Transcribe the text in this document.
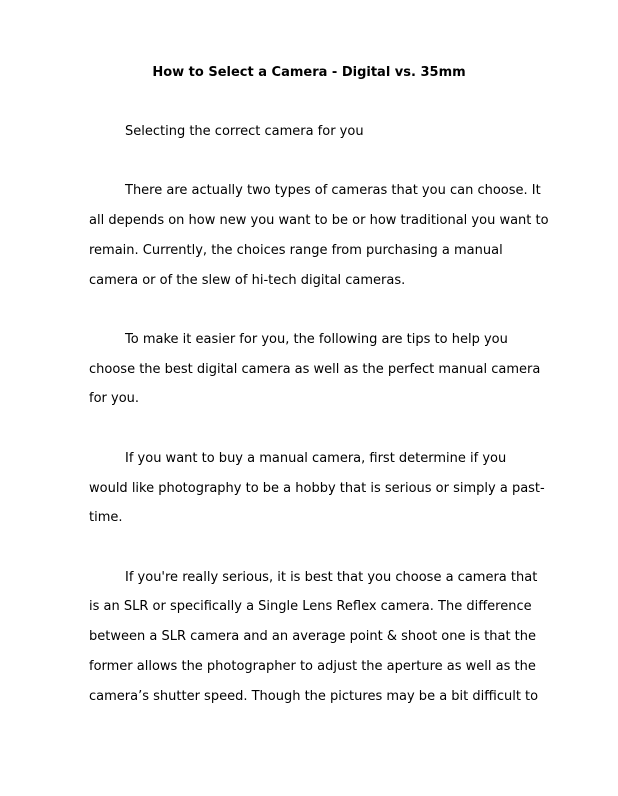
How to Select a Camera - Digital vs. 35mm
Selecting the correct camera for you
There are actually two types of cameras that you can choose. It
all depends on how new you want to be or how traditional you want to
remain. Currently, the choices range from purchasing a manual
camera or of the slew of hi-tech digital cameras.
To make it easier for you, the following are tips to help you
choose the best digital camera as well as the perfect manual camera
for you.
If you want to buy a manual camera, first determine if you
would like photography to be a hobby that is serious or simply a past-
time.
If you're really serious, it is best that you choose a camera that
is an SLR or specifically a Single Lens Reflex camera. The difference
between a SLR camera and an average point & shoot one is that the
former allows the photographer to adjust the aperture as well as the
camera’s shutter speed. Though the pictures may be a bit difficult to
